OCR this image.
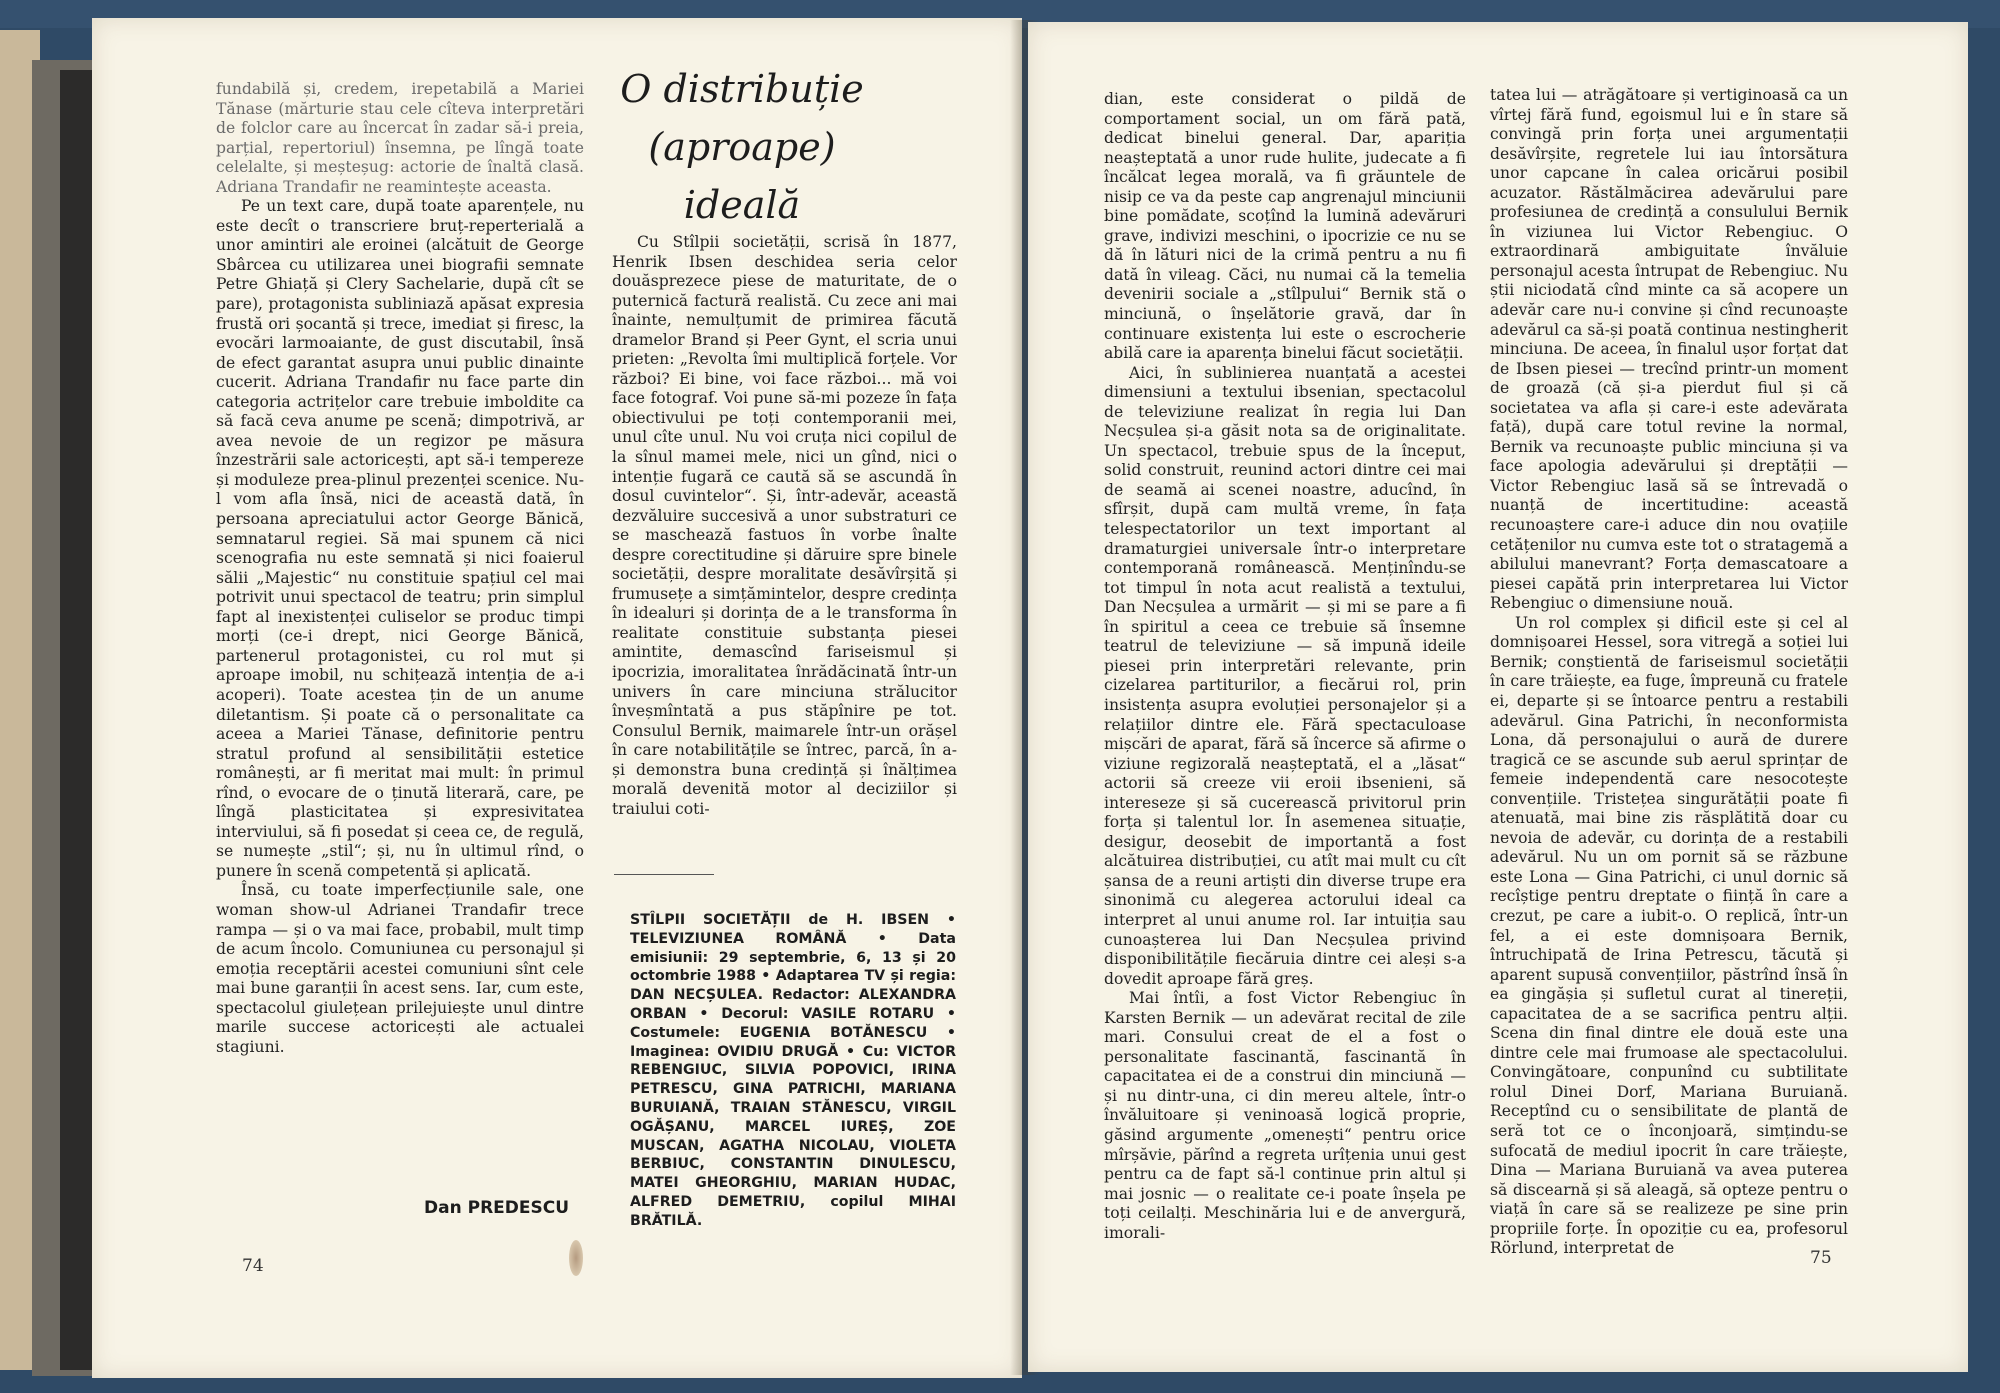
fundabilă și, credem, irepetabilă a Mariei Tănase (mărturie stau cele cîteva interpretări de folclor care au încercat în zadar să-i preia, parțial, repertoriul) însemna, pe lîngă toate celelalte, și meșteșug: actorie de înaltă clasă. Adriana Trandafir ne reamintește aceasta.

Pe un text care, după toate aparențele, nu este decît o transcriere bruț-reperterială a unor amintiri ale eroinei (alcătuit de George Sbârcea cu utilizarea unei biografii semnate Petre Ghiață și Clery Sachelarie, după cît se pare), protagonista subliniază apăsat expresia frustă ori șocantă și trece, imediat și firesc, la evocări larmoaiante, de gust discutabil, însă de efect garantat asupra unui public dinainte cucerit. Adriana Trandafir nu face parte din categoria actrițelor care trebuie imboldite ca să facă ceva anume pe scenă; dimpotrivă, ar avea nevoie de un regizor pe măsura înzestrării sale actoricești, apt să-i tempereze și moduleze prea-plinul prezenței scenice. Nu-l vom afla însă, nici de această dată, în persoana apreciatului actor George Bănică, semnatarul regiei. Să mai spunem că nici scenografia nu este semnată și nici foaierul sălii „Majestic“ nu constituie spațiul cel mai potrivit unui spectacol de teatru; prin simplul fapt al inexistenței culiselor se produc timpi morți (ce-i drept, nici George Bănică, partenerul protagonistei, cu rol mut și aproape imobil, nu schițează intenția de a-i acoperi). Toate acestea țin de un anume diletantism. Și poate că o personalitate ca aceea a Mariei Tănase, definitorie pentru stratul profund al sensibilității estetice românești, ar fi meritat mai mult: în primul rînd, o evocare de o ținută literară, care, pe lîngă plasticitatea și expresivitatea interviului, să fi posedat și ceea ce, de regulă, se numește „stil“; și, nu în ultimul rînd, o punere în scenă competentă și aplicată.

Însă, cu toate imperfecțiunile sale, one woman show-ul Adrianei Trandafir trece rampa — și o va mai face, probabil, mult timp de acum încolo. Comuniunea cu personajul și emoția receptării acestei comuniuni sînt cele mai bune garanții în acest sens. Iar, cum este, spectacolul giulețean prilejuiește unul dintre marile succese actoricești ale actualei stagiuni.

Dan PREDESCU
O distribuție (aproape) ideală

Cu Stîlpii societății, scrisă în 1877, Henrik Ibsen deschidea seria celor douăsprezece piese de maturitate, de o puternică factură realistă. Cu zece ani mai înainte, nemulțumit de primirea făcută dramelor Brand și Peer Gynt, el scria unui prieten: „Revolta îmi multiplică forțele. Vor război? Ei bine, voi face război... mă voi face fotograf. Voi pune să-mi pozeze în fața obiectivului pe toți contemporanii mei, unul cîte unul. Nu voi cruța nici copilul de la sînul mamei mele, nici un gînd, nici o intenție fugară ce caută să se ascundă în dosul cuvintelor“. Și, într-adevăr, această dezvăluire succesivă a unor substraturi ce se maschează fastuos în vorbe înalte despre corectitudine și dăruire spre binele societății, despre moralitate desăvîrșită și frumusețe a simțămintelor, despre credința în idealuri și dorința de a le transforma în realitate constituie substanța piesei amintite, demascînd fariseismul și ipocrizia, imoralitatea înrădăcinată într-un univers în care minciuna strălucitor înveșmîntată a pus stăpînire pe tot. Consulul Bernik, maimarele într-un orășel în care notabilitățile se întrec, parcă, în a-și demonstra buna credință și înălțimea morală devenită motor al deciziilor și traiului coti-

STÎLPII SOCIETĂȚII de H. IBSEN • TELEVIZIUNEA ROMÂNĂ • Data emisiunii: 29 septembrie, 6, 13 și 20 octombrie 1988 • Adaptarea TV și regia: DAN NECȘULEA. Redactor: ALEXANDRA ORBAN • Decorul: VASILE ROTARU • Costumele: EUGENIA BOTĂNESCU • Imaginea: OVIDIU DRUGĂ • Cu: VICTOR REBENGIUC, SILVIA POPOVICI, IRINA PETRESCU, GINA PATRICHI, MARIANA BURUIANĂ, TRAIAN STĂNESCU, VIRGIL OGĂȘANU, MARCEL IUREȘ, ZOE MUSCAN, AGATHA NICOLAU, VIOLETA BERBIUC, CONSTANTIN DINULESCU, MATEI GHEORGHIU, MARIAN HUDAC, ALFRED DEMETRIU, copilul MIHAI BRĂTILĂ.
74

dian, este considerat o pildă de comportament social, un om fără pată, dedicat binelui general. Dar, apariția neașteptată a unor rude hulite, judecate a fi încălcat legea morală, va fi grăuntele de nisip ce va da peste cap angrenajul minciunii bine pomădate, scoțînd la lumină adevăruri grave, indivizi meschini, o ipocrizie ce nu se dă în lături nici de la crimă pentru a nu fi dată în vileag. Căci, nu numai că la temelia devenirii sociale a „stîlpului“ Bernik stă o minciună, o înșelătorie gravă, dar în continuare existența lui este o escrocherie abilă care ia aparența binelui făcut societății.

Aici, în sublinierea nuanțată a acestei dimensiuni a textului ibsenian, spectacolul de televiziune realizat în regia lui Dan Necșulea și-a găsit nota sa de originalitate. Un spectacol, trebuie spus de la început, solid construit, reunind actori dintre cei mai de seamă ai scenei noastre, aducînd, în sfîrșit, după cam multă vreme, în fața telespectatorilor un text important al dramaturgiei universale într-o interpretare contemporană românească. Menținîndu-se tot timpul în nota acut realistă a textului, Dan Necșulea a urmărit — și mi se pare a fi în spiritul a ceea ce trebuie să însemne teatrul de televiziune — să impună ideile piesei prin interpretări relevante, prin cizelarea partiturilor, a fiecărui rol, prin insistența asupra evoluției personajelor și a relațiilor dintre ele. Fără spectaculoase mișcări de aparat, fără să încerce să afirme o viziune regizorală neașteptată, el a „lăsat“ actorii să creeze vii eroii ibsenieni, să intereseze și să cucerească privitorul prin forța și talentul lor. În asemenea situație, desigur, deosebit de importantă a fost alcătuirea distribuției, cu atît mai mult cu cît șansa de a reuni artiști din diverse trupe era sinonimă cu alegerea actorului ideal ca interpret al unui anume rol. Iar intuiția sau cunoașterea lui Dan Necșulea privind disponibilitățile fiecăruia dintre cei aleși s-a dovedit aproape fără greș.

Mai întîi, a fost Victor Rebengiuc în Karsten Bernik — un adevărat recital de zile mari. Consului creat de el a fost o personalitate fascinantă, fascinantă în capacitatea ei de a construi din minciună — și nu dintr-una, ci din mereu altele, într-o învăluitoare și veninoasă logică proprie, găsind argumente „omenești“ pentru orice mîrșăvie, părînd a regreta urîțenia unui gest pentru ca de fapt să-l continue prin altul și mai josnic — o realitate ce-i poate înșela pe toți ceilalți. Meschinăria lui e de anvergură, imorali-

tatea lui — atrăgătoare și vertiginoasă ca un vîrtej fără fund, egoismul lui e în stare să convingă prin forța unei argumentații desăvîrșite, regretele lui iau întorsătura unor capcane în calea oricărui posibil acuzator. Răstălmăcirea adevărului pare profesiunea de credință a consulului Bernik în viziunea lui Victor Rebengiuc. O extraordinară ambiguitate învăluie personajul acesta întrupat de Rebengiuc. Nu știi niciodată cînd minte ca să acopere un adevăr care nu-i convine și cînd recunoaște adevărul ca să-și poată continua nestingherit minciuna. De aceea, în finalul ușor forțat dat de Ibsen piesei — trecînd printr-un moment de groază (că și-a pierdut fiul și că societatea va afla și care-i este adevărata față), după care totul revine la normal, Bernik va recunoaște public minciuna și va face apologia adevărului și dreptății — Victor Rebengiuc lasă să se întrevadă o nuanță de incertitudine: această recunoaștere care-i aduce din nou ovațiile cetățenilor nu cumva este tot o stratagemă a abilului manevrant? Forța demascatoare a piesei capătă prin interpretarea lui Victor Rebengiuc o dimensiune nouă.

Un rol complex și dificil este și cel al domnișoarei Hessel, sora vitregă a soției lui Bernik; conștientă de fariseismul societății în care trăiește, ea fuge, împreună cu fratele ei, departe și se întoarce pentru a restabili adevărul. Gina Patrichi, în neconformista Lona, dă personajului o aură de durere tragică ce se ascunde sub aerul sprințar de femeie independentă care nesocotește convențiile. Tristețea singurătății poate fi atenuată, mai bine zis răsplătită doar cu nevoia de adevăr, cu dorința de a restabili adevărul. Nu un om pornit să se răzbune este Lona — Gina Patrichi, ci unul dornic să recîștige pentru dreptate o ființă în care a crezut, pe care a iubit-o. O replică, într-un fel, a ei este domnișoara Bernik, întruchipată de Irina Petrescu, tăcută și aparent supusă convențiilor, păstrînd însă în ea gingășia și sufletul curat al tinereții, capacitatea de a se sacrifica pentru alții. Scena din final dintre ele două este una dintre cele mai frumoase ale spectacolului. Convingătoare, conpunînd cu subtilitate rolul Dinei Dorf, Mariana Buruiană. Receptînd cu o sensibilitate de plantă de seră tot ce o înconjoară, simțindu-se sufocată de mediul ipocrit în care trăiește, Dina — Mariana Buruiană va avea puterea să discearnă și să aleagă, să opteze pentru o viață în care să se realizeze pe sine prin propriile forțe. În opoziție cu ea, profesorul Rörlund, interpretat de	75
